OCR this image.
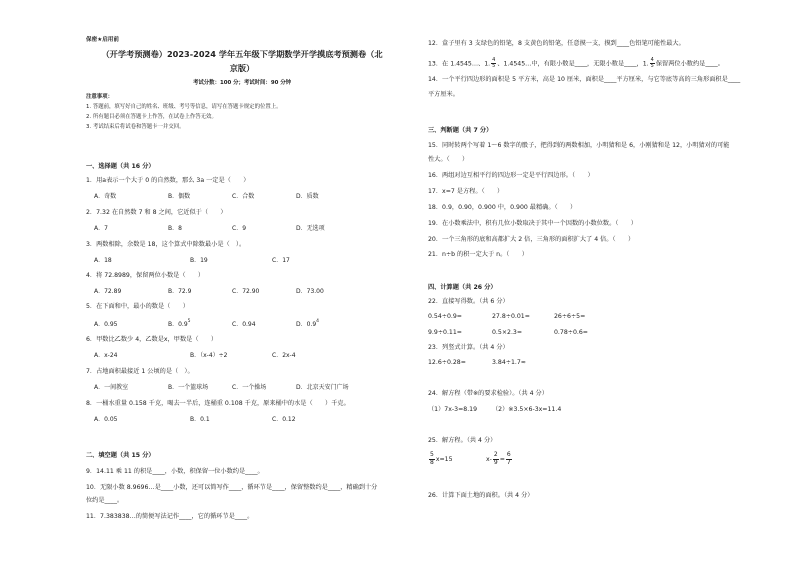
保密★启用前
（开学考预测卷）2023-2024 学年五年级下学期数学开学摸底考预测卷（北
京版）
考试分数：100 分；考试时间：90 分钟
注意事项：
1. 答题前，填写好自己的姓名、班级、考号等信息，请写在答题卡规定的位置上。
2. 所有题目必须在答题卡上作答，在试卷上作答无效。
3. 考试结束后将试卷和答题卡一并交回。
一、选择题（共 16 分）
1．用a表示一个大于 0 的自然数，那么 3a 一定是（　　）
A．奇数	B．偶数	C．合数	D．质数
2．7.32 在自然数 7 和 8 之间，它近似于（　　）
A．7	B．8	C．9	D．无选项
3．两数相除，余数是 18，这个算式中除数最小是（　）。
A．18	B．19	C．17
4．将 72.8989，保留两位小数是（　　）
A．72.89	B．72.9	C．72.90	D．73.00
5．在下面和中，最小的数是（　　）
A．0.95	B．$0.9^5$	C．0.94	D．$0.9^4$
6．甲数比乙数少 4，乙数是x，甲数是（　　）
A．x-24	B．（x-4）÷2	C．2x-4
7．占地面积最接近 1 公顷的是（　）。
A．一间教室	B．一个篮球场	C．一个操场	D．北京天安门广场
8．一桶水重量 0.158 千克，喝去一半后，连桶重 0.108 千克，原来桶中的水是（　　）千克。
A．0.05	B．0.1	C．0.12
二、填空题（共 15 分）
9．14.11 乘 11 的积是____，小数，积保留一位小数约是____。
10．无限小数 8.9696…是____小数，还可以简写作____，循环节是____，保留整数约是____，精确到十分
位约是____。
11．7.383838…的简便写法记作____，它的循环节是____。
12．盒子里有 3 支绿色的铅笔，8 支黄色的铅笔，任意摸一支，摸到____色铅笔可能性最大。
13．在 1.4545…、1. $\frac{4}{5}$ 、1.4545…中，有限小数是____，无限小数是____，1. $\frac{4}{5}$ 保留两位小数约是____。
14．一个平行四边形的面积是 5 平方米，高是 10 厘米，面积是____平方厘米，与它等底等高的三角形面积是____
平方厘米。
三、判断题（共 7 分）
15．同时转两个写着 1～6 数字的骰子，把得到的两数相加，小明猜和是 6，小刚猜和是 12，小明猜对的可能
性大。（　　）
16．两组对边互相平行的四边形一定是平行四边形。（　　）
17．x=7 是方程。（　　）
18．0.9，0.90，0.900 中，0.900 最精确。（　　）
19．在小数乘法中，积有几位小数取决于其中一个因数的小数位数。（　　）
20．一个三角形的底和高都扩大 2 倍，三角形的面积扩大了 4 倍。（　　）
21．n÷b 的积一定大于 n。（　　）
四、计算题（共 26 分）
22．直接写得数。（共 6 分）
0.54÷0.9=	27.8÷0.01=	26÷6÷5=
9.9÷0.11=	0.5×2.3=	0.78÷0.6=
23．列竖式计算。（共 4 分）
12.6÷0.28=	3.84÷1.7≈
24．解方程（带※的要求检验）。（共 4 分）
（1）7x-3=8.19 （2）※3.5×6-3x=11.4
25．解方程。（共 4 分）
$\frac{5}{8} x=15$	$x- \frac{2}{9} = \frac{6}{7}$
26．计算下面土地的面积。（共 4 分）
